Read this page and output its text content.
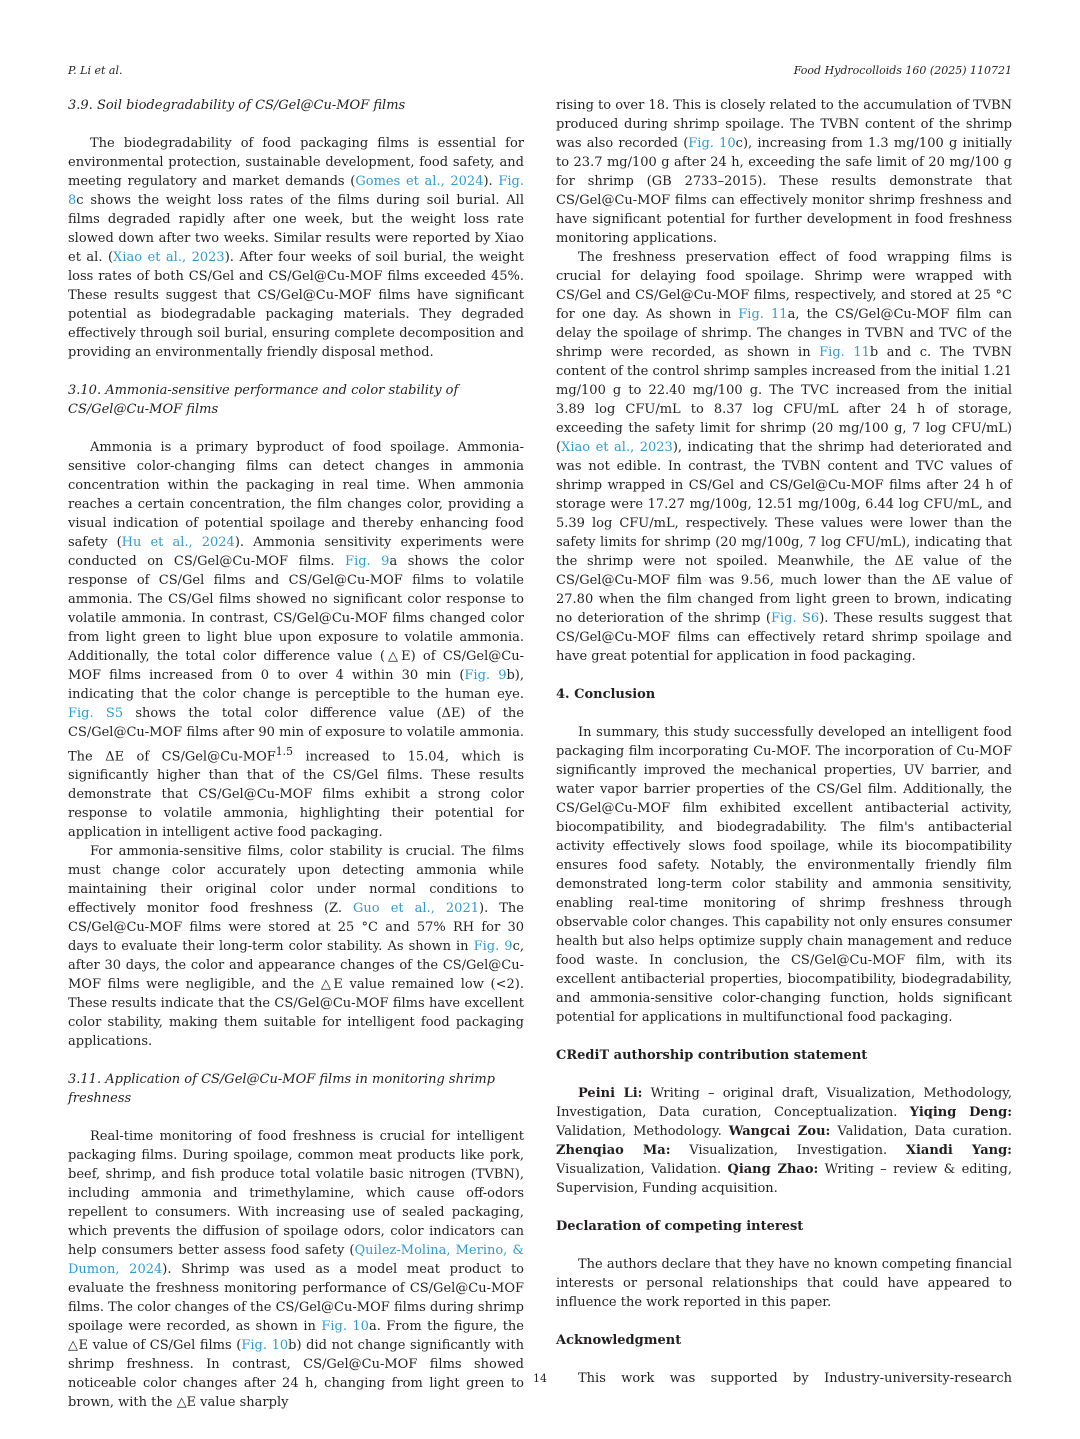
P. Li et al.	Food Hydrocolloids 160 (2025) 110721
3.9. Soil biodegradability of CS/Gel@Cu-MOF films

The biodegradability of food packaging films is essential for environmental protection, sustainable development, food safety, and meeting regulatory and market demands (Gomes et al., 2024). Fig. 8c shows the weight loss rates of the films during soil burial. All films degraded rapidly after one week, but the weight loss rate slowed down after two weeks. Similar results were reported by Xiao et al. (Xiao et al., 2023). After four weeks of soil burial, the weight loss rates of both CS/Gel and CS/Gel@Cu-MOF films exceeded 45%. These results suggest that CS/Gel@Cu-MOF films have significant potential as biodegradable packaging materials. They degraded effectively through soil burial, ensuring complete decomposition and providing an environmentally friendly disposal method.

3.10. Ammonia-sensitive performance and color stability of CS/Gel@Cu-MOF films

Ammonia is a primary byproduct of food spoilage. Ammonia-sensitive color-changing films can detect changes in ammonia concentration within the packaging in real time. When ammonia reaches a certain concentration, the film changes color, providing a visual indication of potential spoilage and thereby enhancing food safety (Hu et al., 2024). Ammonia sensitivity experiments were conducted on CS/Gel@Cu-MOF films. Fig. 9a shows the color response of CS/Gel films and CS/Gel@Cu-MOF films to volatile ammonia. The CS/Gel films showed no significant color response to volatile ammonia. In contrast, CS/Gel@Cu-MOF films changed color from light green to light blue upon exposure to volatile ammonia. Additionally, the total color difference value (△E) of CS/Gel@Cu-MOF films increased from 0 to over 4 within 30 min (Fig. 9b), indicating that the color change is perceptible to the human eye. Fig. S5 shows the total color difference value (ΔE) of the CS/Gel@Cu-MOF films after 90 min of exposure to volatile ammonia. The ΔE of $CS/Gel@Cu-MOF^{1.5}$ increased to 15.04, which is significantly higher than that of the CS/Gel films. These results demonstrate that CS/Gel@Cu-MOF films exhibit a strong color response to volatile ammonia, highlighting their potential for application in intelligent active food packaging.

For ammonia-sensitive films, color stability is crucial. The films must change color accurately upon detecting ammonia while maintaining their original color under normal conditions to effectively monitor food freshness (Z. Guo et al., 2021). The CS/Gel@Cu-MOF films were stored at 25 °C and 57% RH for 30 days to evaluate their long-term color stability. As shown in Fig. 9c, after 30 days, the color and appearance changes of the CS/Gel@Cu-MOF films were negligible, and the △E value remained low (<2). These results indicate that the CS/Gel@Cu-MOF films have excellent color stability, making them suitable for intelligent food packaging applications.

3.11. Application of CS/Gel@Cu-MOF films in monitoring shrimp freshness

Real-time monitoring of food freshness is crucial for intelligent packaging films. During spoilage, common meat products like pork, beef, shrimp, and fish produce total volatile basic nitrogen (TVBN), including ammonia and trimethylamine, which cause off-odors repellent to consumers. With increasing use of sealed packaging, which prevents the diffusion of spoilage odors, color indicators can help consumers better assess food safety (Quilez-Molina, Merino, & Dumon, 2024). Shrimp was used as a model meat product to evaluate the freshness monitoring performance of CS/Gel@Cu-MOF films. The color changes of the CS/Gel@Cu-MOF films during shrimp spoilage were recorded, as shown in Fig. 10a. From the figure, the △E value of CS/Gel films (Fig. 10b) did not change significantly with shrimp freshness. In contrast, CS/Gel@Cu-MOF films showed noticeable color changes after 24 h, changing from light green to brown, with the △E value sharply

rising to over 18. This is closely related to the accumulation of TVBN produced during shrimp spoilage. The TVBN content of the shrimp was also recorded (Fig. 10c), increasing from 1.3 mg/100 g initially to 23.7 mg/100 g after 24 h, exceeding the safe limit of 20 mg/100 g for shrimp (GB 2733–2015). These results demonstrate that CS/Gel@Cu-MOF films can effectively monitor shrimp freshness and have significant potential for further development in food freshness monitoring applications.

The freshness preservation effect of food wrapping films is crucial for delaying food spoilage. Shrimp were wrapped with CS/Gel and CS/Gel@Cu-MOF films, respectively, and stored at 25 °C for one day. As shown in Fig. 11a, the CS/Gel@Cu-MOF film can delay the spoilage of shrimp. The changes in TVBN and TVC of the shrimp were recorded, as shown in Fig. 11b and c. The TVBN content of the control shrimp samples increased from the initial 1.21 mg/100 g to 22.40 mg/100 g. The TVC increased from the initial 3.89 log CFU/mL to 8.37 log CFU/mL after 24 h of storage, exceeding the safety limit for shrimp (20 mg/100 g, 7 log CFU/mL) (Xiao et al., 2023), indicating that the shrimp had deteriorated and was not edible. In contrast, the TVBN content and TVC values of shrimp wrapped in CS/Gel and CS/Gel@Cu-MOF films after 24 h of storage were 17.27 mg/100g, 12.51 mg/100g, 6.44 log CFU/mL, and 5.39 log CFU/mL, respectively. These values were lower than the safety limits for shrimp (20 mg/100g, 7 log CFU/mL), indicating that the shrimp were not spoiled. Meanwhile, the ΔE value of the CS/Gel@Cu-MOF film was 9.56, much lower than the ΔE value of 27.80 when the film changed from light green to brown, indicating no deterioration of the shrimp (Fig. S6). These results suggest that CS/Gel@Cu-MOF films can effectively retard shrimp spoilage and have great potential for application in food packaging.

4. Conclusion

In summary, this study successfully developed an intelligent food packaging film incorporating Cu-MOF. The incorporation of Cu-MOF significantly improved the mechanical properties, UV barrier, and water vapor barrier properties of the CS/Gel film. Additionally, the CS/Gel@Cu-MOF film exhibited excellent antibacterial activity, biocompatibility, and biodegradability. The film's antibacterial activity effectively slows food spoilage, while its biocompatibility ensures food safety. Notably, the environmentally friendly film demonstrated long-term color stability and ammonia sensitivity, enabling real-time monitoring of shrimp freshness through observable color changes. This capability not only ensures consumer health but also helps optimize supply chain management and reduce food waste. In conclusion, the CS/Gel@Cu-MOF film, with its excellent antibacterial properties, biocompatibility, biodegradability, and ammonia-sensitive color-changing function, holds significant potential for applications in multifunctional food packaging.

CRediT authorship contribution statement

Peini Li: Writing – original draft, Visualization, Methodology, Investigation, Data curation, Conceptualization. Yiqing Deng: Validation, Methodology. Wangcai Zou: Validation, Data curation. Zhenqiao Ma: Visualization, Investigation. Xiandi Yang: Visualization, Validation. Qiang Zhao: Writing – review & editing, Supervision, Funding acquisition.

Declaration of competing interest

The authors declare that they have no known competing financial interests or personal relationships that could have appeared to influence the work reported in this paper.

Acknowledgment

This work was supported by Industry-university-research

14
